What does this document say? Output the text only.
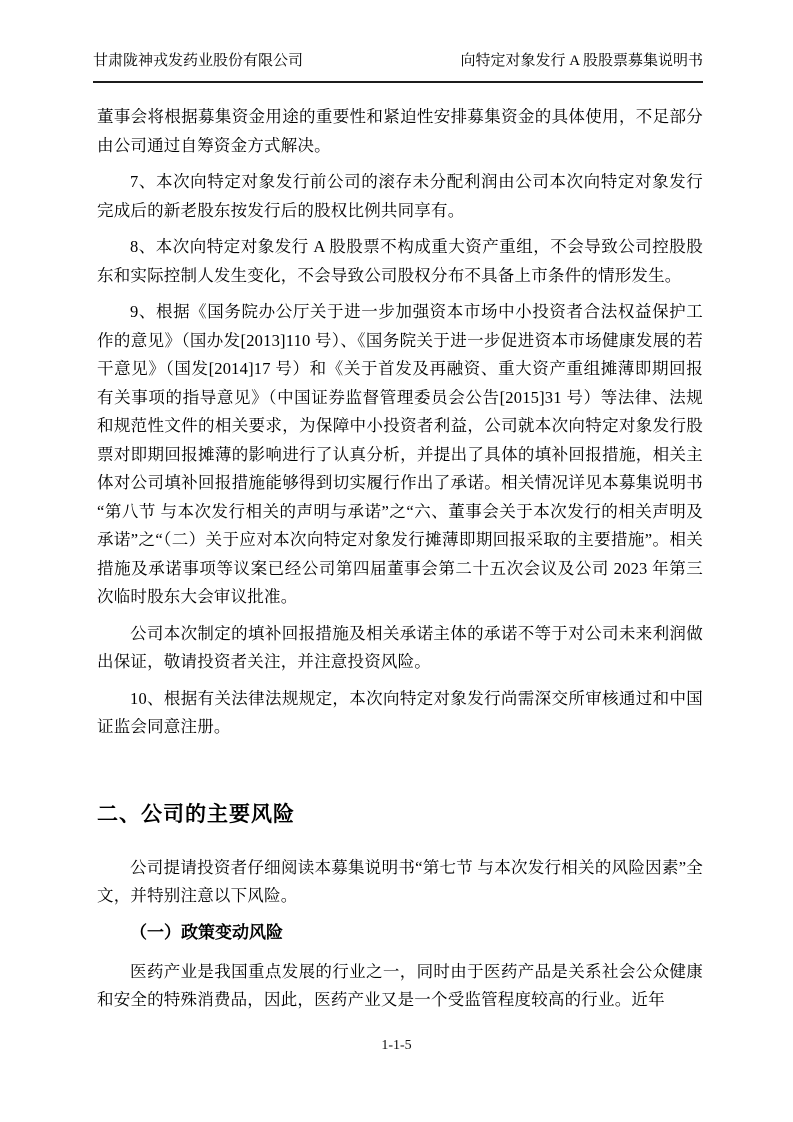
甘肃陇神戎发药业股份有限公司	向特定对象发行 A 股股票募集说明书

董事会将根据募集资金用途的重要性和紧迫性安排募集资金的具体使用，不足部分由公司通过自筹资金方式解决。

7、本次向特定对象发行前公司的滚存未分配利润由公司本次向特定对象发行完成后的新老股东按发行后的股权比例共同享有。

8、本次向特定对象发行 A 股股票不构成重大资产重组，不会导致公司控股股东和实际控制人发生变化，不会导致公司股权分布不具备上市条件的情形发生。

9、根据《国务院办公厅关于进一步加强资本市场中小投资者合法权益保护工作的意见》（国办发[2013]110 号）、《国务院关于进一步促进资本市场健康发展的若干意见》（国发[2014]17 号）和《关于首发及再融资、重大资产重组摊薄即期回报有关事项的指导意见》（中国证券监督管理委员会公告[2015]31 号）等法律、法规和规范性文件的相关要求，为保障中小投资者利益，公司就本次向特定对象发行股票对即期回报摊薄的影响进行了认真分析，并提出了具体的填补回报措施，相关主体对公司填补回报措施能够得到切实履行作出了承诺。相关情况详见本募集说明书“第八节 与本次发行相关的声明与承诺”之“六、董事会关于本次发行的相关声明及承诺”之“（二）关于应对本次向特定对象发行摊薄即期回报采取的主要措施”。相关措施及承诺事项等议案已经公司第四届董事会第二十五次会议及公司 2023 年第三次临时股东大会审议批准。

公司本次制定的填补回报措施及相关承诺主体的承诺不等于对公司未来利润做出保证，敬请投资者关注，并注意投资风险。

10、根据有关法律法规规定，本次向特定对象发行尚需深交所审核通过和中国证监会同意注册。

二、公司的主要风险

公司提请投资者仔细阅读本募集说明书“第七节 与本次发行相关的风险因素”全文，并特别注意以下风险。

（一）政策变动风险

医药产业是我国重点发展的行业之一，同时由于医药产品是关系社会公众健康和安全的特殊消费品，因此，医药产业又是一个受监管程度较高的行业。近年

1-1-5
